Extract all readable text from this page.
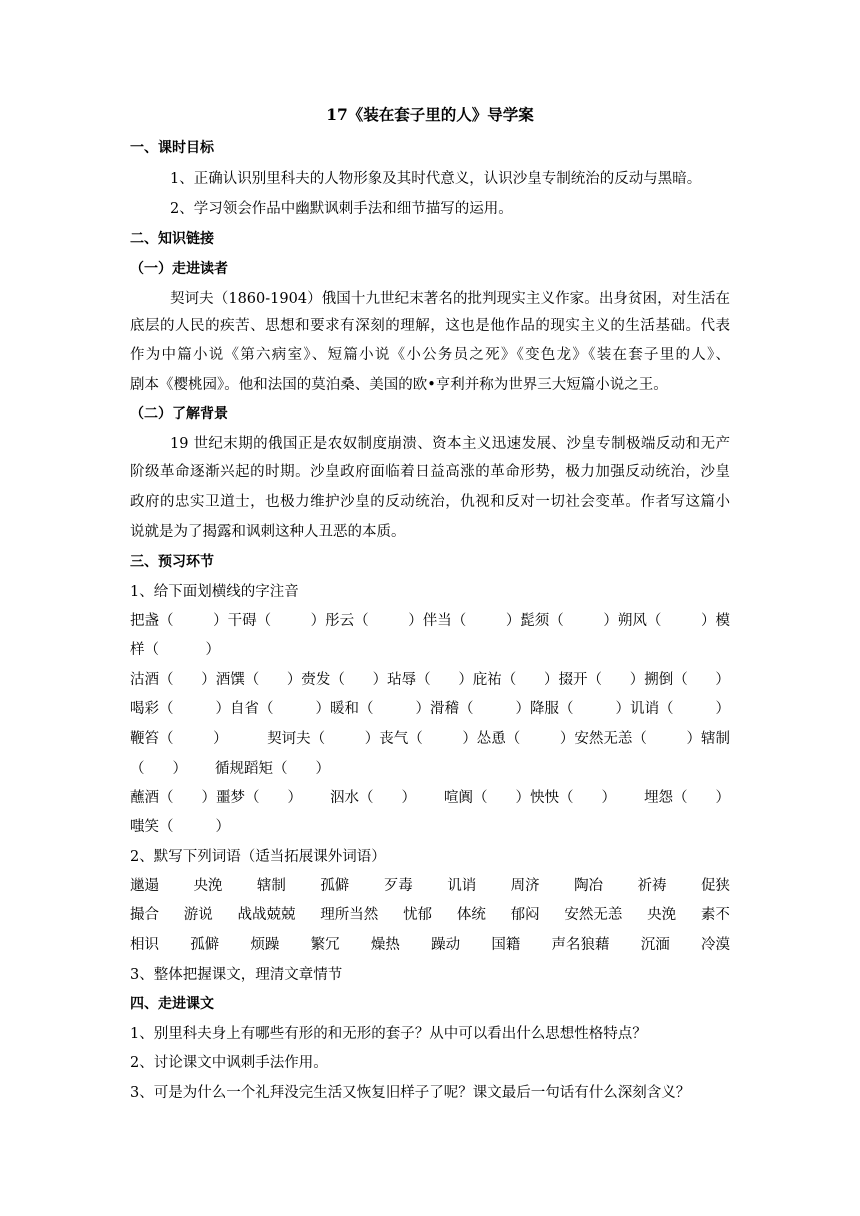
17《装在套子里的人》导学案
一、课时目标
1、正确认识别里科夫的人物形象及其时代意义，认识沙皇专制统治的反动与黑暗。
2、学习领会作品中幽默讽刺手法和细节描写的运用。
二、知识链接
（一）走进读者
契诃夫（1860-1904）俄国十九世纪末著名的批判现实主义作家。出身贫困，对生活在
底层的人民的疾苦、思想和要求有深刻的理解，这也是他作品的现实主义的生活基础。代表
作为中篇小说《第六病室》、短篇小说《小公务员之死》《变色龙》《装在套子里的人》、
剧本《樱桃园》。他和法国的莫泊桑、美国的欧•亨利并称为世界三大短篇小说之王。
（二）了解背景
19 世纪末期的俄国正是农奴制度崩溃、资本主义迅速发展、沙皇专制极端反动和无产
阶级革命逐渐兴起的时期。沙皇政府面临着日益高涨的革命形势，极力加强反动统治，沙皇
政府的忠实卫道士，也极力维护沙皇的反动统治，仇视和反对一切社会变革。作者写这篇小
说就是为了揭露和讽刺这种人丑恶的本质。
三、预习环节
1、给下面划横线的字注音
把盏（	）干碍（	）彤云（	）伴当（	）髭须（	）朔风（	）模
样（	）
沽酒（ ）酒馔（ ）赍发（ ）玷辱（ ）庇祐（ ）掇开（ ）搠倒（ ）
喝彩（	）自省（	）暖和（	）滑稽（	）降服（	）讥诮（	）
鞭笞（	）	契诃夫（	）丧气（	）怂恿（	）安然无恙（	）辖制
（ ） 循规蹈矩（ ）
蘸酒（ ）噩梦（ ） 泅水（ ） 喧阗（ ）怏怏（ ） 埋怨（ ）
嗤笑（	）
2、默写下列词语（适当拓展课外词语）
邋遢 央浼 辖制 孤僻 歹毒 讥诮 周济 陶冶 祈祷 促狭
撮合 游说 战战兢兢 理所当然 忧郁 体统 郁闷 安然无恙 央浼 素不
相识 孤僻 烦躁 繁冗 燥热 躁动 国籍 声名狼藉 沉湎 冷漠
3、整体把握课文，理清文章情节
四、走进课文
1、别里科夫身上有哪些有形的和无形的套子？从中可以看出什么思想性格特点？
2、讨论课文中讽刺手法作用。
3、可是为什么一个礼拜没完生活又恢复旧样子了呢？课文最后一句话有什么深刻含义？
